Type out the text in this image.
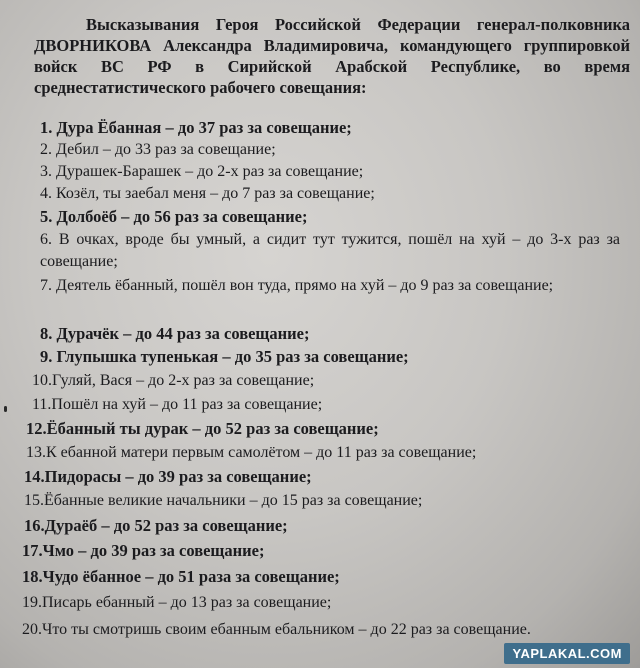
Высказывания Героя Российской Федерации генерал-полковника ДВОРНИКОВА Александра Владимировича, командующего группировкой войск ВС РФ в Сирийской Арабской Республике, во время среднестатистического рабочего совещания:
1. Дура Ёбанная – до 37 раз за совещание;
2. Дебил – до 33 раз за совещание;
3. Дурашек-Барашек – до 2-х раз за совещание;
4. Козёл, ты заебал меня – до 7 раз за совещание;
5. Долбоёб – до 56 раз за совещание;
6. В очках, вроде бы умный, а сидит тут тужится, пошёл на хуй – до 3-х раз за совещание;
7. Деятель ёбанный, пошёл вон туда, прямо на хуй – до 9 раз за совещание;
8. Дурачёк – до 44 раз за совещание;
9. Глупышка тупенькая – до 35 раз за совещание;
10.Гуляй, Вася – до 2-х раз за совещание;
11.Пошёл на хуй – до 11 раз за совещание;
12.Ёбанный ты дурак – до 52 раз за совещание;
13.К ебанной матери первым самолётом – до 11 раз за совещание;
14.Пидорасы – до 39 раз за совещание;
15.Ёбанные великие начальники – до 15 раз за совещание;
16.Дураёб – до 52 раз за совещание;
17.Чмо – до 39 раз за совещание;
18.Чудо ёбанное – до 51 раза за совещание;
19.Писарь ебанный – до 13 раз за совещание;
20.Что ты смотришь своим ебанным ебальником – до 22 раз за совещание.
YAPLAKAL.COM
